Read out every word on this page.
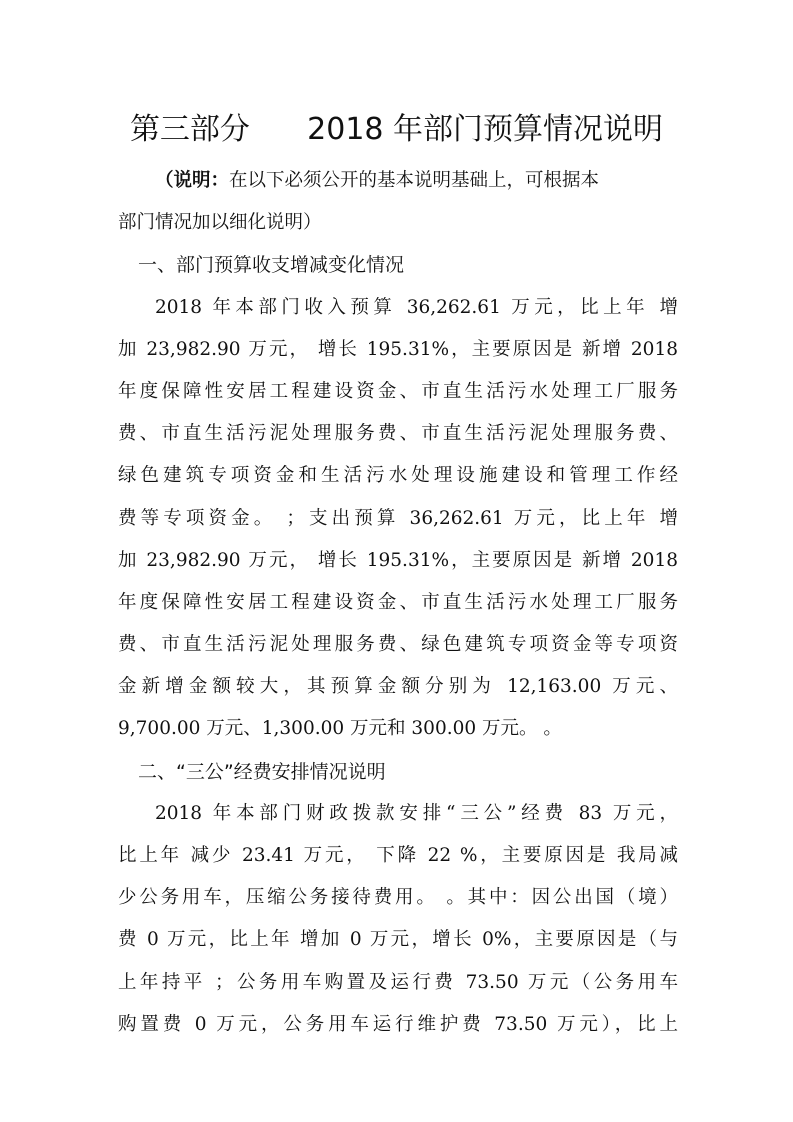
第三部分      2018 年部门预算情况说明
（说明：在以下必须公开的基本说明基础上，可根据本
部门情况加以细化说明）
一、部门预算收支增减变化情况
2018 年本部门收入预算 36,262.61 万元，比上年 增
加 23,982.90 万元， 增长 195.31%，主要原因是 新增 2018
年度保障性安居工程建设资金、市直生活污水处理工厂服务
费、市直生活污泥处理服务费、市直生活污泥处理服务费、
绿色建筑专项资金和生活污水处理设施建设和管理工作经
费等专项资金。 ；支出预算 36,262.61 万元，比上年 增
加 23,982.90 万元， 增长 195.31%，主要原因是 新增 2018
年度保障性安居工程建设资金、市直生活污水处理工厂服务
费、市直生活污泥处理服务费、绿色建筑专项资金等专项资
金新增金额较大，其预算金额分别为 12,163.00 万元、
9,700.00 万元、1,300.00 万元和 300.00 万元。 。
二、“三公”经费安排情况说明
2018 年本部门财政拨款安排“三公”经费 83 万元，
比上年 减少 23.41 万元， 下降 22 %，主要原因是 我局减
少公务用车，压缩公务接待费用。 。其中：因公出国（境）
费 0 万元，比上年 增加 0 万元，增长 0%，主要原因是（与
上年持平 ；公务用车购置及运行费 73.50 万元（公务用车
购置费 0 万元，公务用车运行维护费 73.50 万元），比上
